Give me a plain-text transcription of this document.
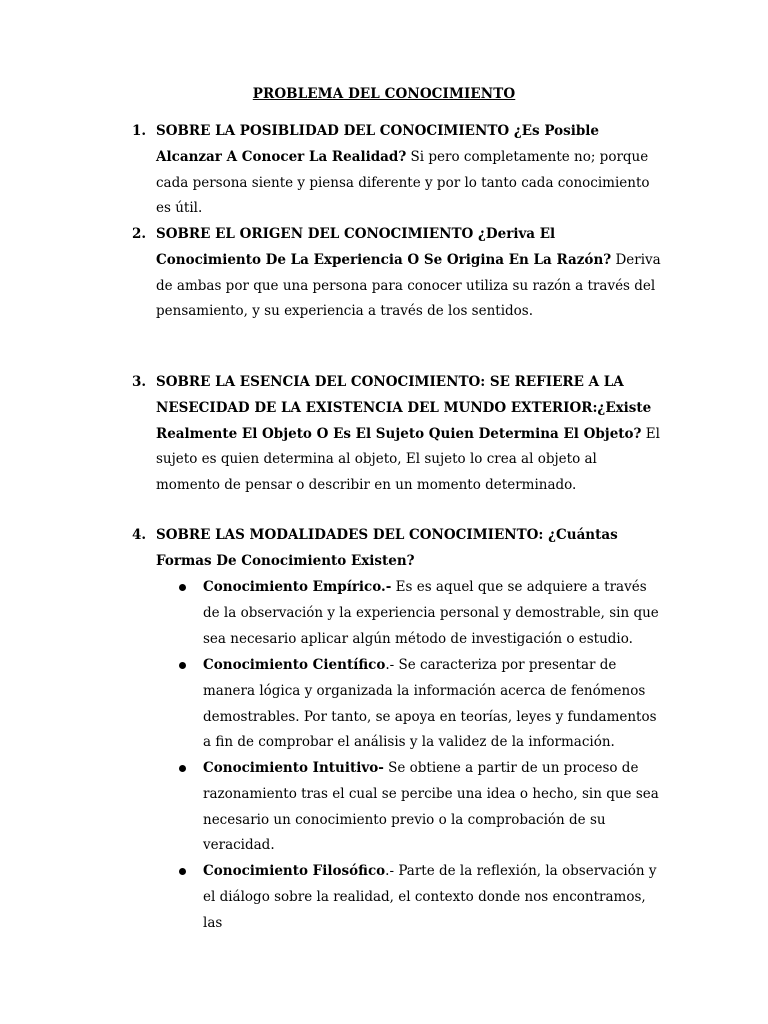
PROBLEMA DEL CONOCIMIENTO
1. SOBRE LA POSIBLIDAD DEL CONOCIMIENTO ¿Es Posible Alcanzar A Conocer La Realidad? Si pero completamente no; porque cada persona siente y piensa diferente y por lo tanto cada conocimiento es útil.
2. SOBRE EL ORIGEN DEL CONOCIMIENTO ¿Deriva El Conocimiento De La Experiencia O Se Origina En La Razón? Deriva de ambas por que una persona para conocer utiliza su razón a través del pensamiento, y su experiencia a través de los sentidos.
3. SOBRE LA ESENCIA DEL CONOCIMIENTO: SE REFIERE A LA NESECIDAD DE LA EXISTENCIA DEL MUNDO EXTERIOR:¿Existe Realmente El Objeto O Es El Sujeto Quien Determina El Objeto? El sujeto es quien determina al objeto, El sujeto lo crea al objeto al momento de pensar o describir en un momento determinado.
4. SOBRE LAS MODALIDADES DEL CONOCIMIENTO: ¿Cuántas Formas De Conocimiento Existen?
Conocimiento Empírico.- Es es aquel que se adquiere a través de la observación y la experiencia personal y demostrable, sin que sea necesario aplicar algún método de investigación o estudio.
Conocimiento Científico.- Se caracteriza por presentar de manera lógica y organizada la información acerca de fenómenos demostrables. Por tanto, se apoya en teorías, leyes y fundamentos a fin de comprobar el análisis y la validez de la información.
Conocimiento Intuitivo- Se obtiene a partir de un proceso de razonamiento tras el cual se percibe una idea o hecho, sin que sea necesario un conocimiento previo o la comprobación de su veracidad.
Conocimiento Filosófico.- Parte de la reflexión, la observación y el diálogo sobre la realidad, el contexto donde nos encontramos, las
